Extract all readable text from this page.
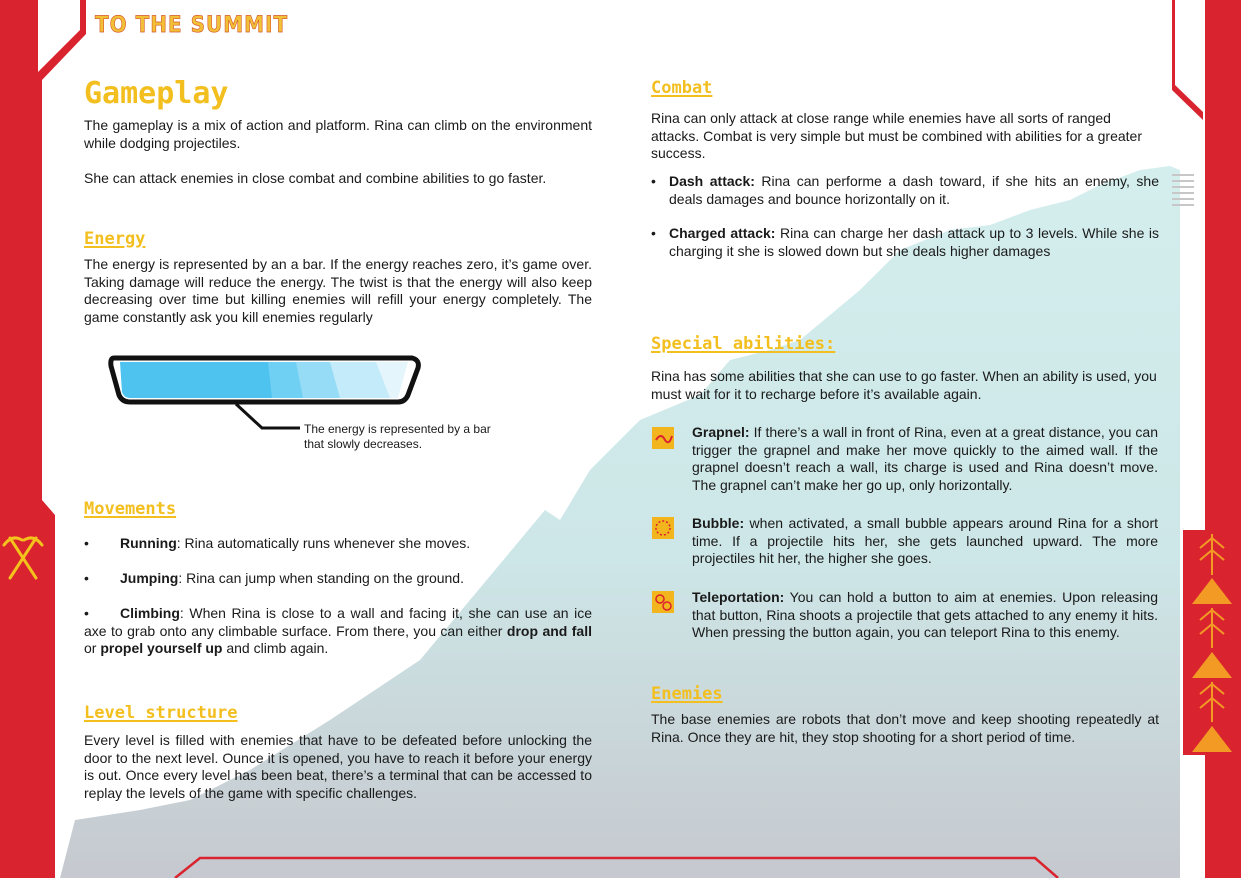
TO THE SUMMIT
Gameplay

The gameplay is a mix of action and platform. Rina can climb on the environment while dodging projectiles.

She can attack enemies in close combat and combine abilities to go faster.

Energy

The energy is represented by an a bar. If the energy reaches zero, it’s game over. Taking damage will reduce the energy. The twist is that the energy will also keep decreasing over time but killing enemies will refill your energy completely. The game constantly ask you kill enemies regularly

The energy is represented by a bar
that slowly decreases.
Movements
• Running: Rina automatically runs whenever she moves.
• Jumping: Rina can jump when standing on the ground.
•	Climbing: When Rina is close to a wall and facing it, she can use an ice axe to grab onto any climbable surface. From there, you can either drop and fall or propel yourself up and climb again.
Level structure

Every level is filled with enemies that have to be defeated before unlocking the door to the next level. Ounce it is opened, you have to reach it before your energy is out. Once every level has been beat, there’s a terminal that can be accessed to replay the levels of the game with specific challenges.

Combat

Rina can only attack at close range while enemies have all sorts of ranged attacks. Combat is very simple but must be combined with abilities for a greater success.

• Dash attack: Rina can performe a dash toward, if she hits an enemy, she deals damages and bounce horizontally on it.
• Charged attack: Rina can charge her dash attack up to 3 levels. While she is charging it she is slowed down but she deals higher damages
Special abilities:

Rina has some abilities that she can use to go faster. When an ability is used, you must wait for it to recharge before it’s available again.

Grapnel: If there’s a wall in front of Rina, even at a great distance, you can trigger the grapnel and make her move quickly to the aimed wall. If the grapnel doesn’t reach a wall, its charge is used and Rina doesn’t move. The grapnel can’t make her go up, only horizontally.
Bubble: when activated, a small bubble appears around Rina for a short time. If a projectile hits her, she gets launched upward. The more projectiles hit her, the higher she goes.
Teleportation: You can hold a button to aim at enemies. Upon releasing that button, Rina shoots a projectile that gets attached to any enemy it hits. When pressing the button again, you can teleport Rina to this enemy.
Enemies

The base enemies are robots that don’t move and keep shooting repeatedly at Rina. Once they are hit, they stop shooting for a short period of time.
